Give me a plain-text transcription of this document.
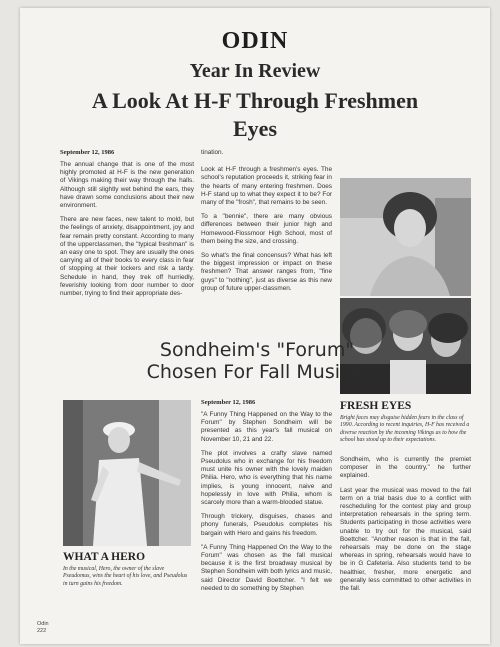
ODIN
Year In Review
A Look At H-F Through Freshmen
Eyes
September 12, 1986

The annual change that is one of the most highly promoted at H-F is the new generation of Vikings making their way through the halls. Although still slightly wet behind the ears, they have drawn some conclusions about their new environment.

There are new faces, new talent to mold, but the feelings of anxiety, disappointment, joy and fear remain pretty constant. According to many of the upperclassmen, the "typical freshman" is an easy one to spot. They are usually the ones carrying all of their books to every class in fear of stopping at their lockers and risk a tardy. Schedule in hand, they trek off hurriedly, feverishly looking from door number to door number, trying to find their appropriate des-

tination.

Look at H-F through a freshmen's eyes. The school's reputation proceeds it, striking fear in the hearts of many entering freshmen. Does H-F stand up to what they expect it to be? For many of the "frosh", that remains to be seen.

To a "bennie", there are many obvious differences between their junior high and Homewood-Flossmoor High School, most of them being the size, and crossing.

So what's the final concensus? What has left the biggest impression or impact on these freshmen? That answer ranges from, "fine guys" to "nothing", just as diverse as this new group of future upper-classmen.

Sondheim's "Forum"
Chosen For Fall Musical
WHAT A HERO
In the musical, Hero, the owner of the slave Pseudomus, wins the heart of his love, and Pseudolus in turn gains his freedom.
September 12, 1986

"A Funny Thing Happened on the Way to the Forum" by Stephen Sondheim will be presented as this year's fall musical on November 10, 21 and 22.

The plot involves a crafty slave named Pseudolus who in exchange for his freedom must unite his owner with the lovely maiden Philia. Hero, who is everything that his name implies, is young innocent, naive and hopelessly in love with Philia, whom is scarcely more than a warm-blooded statue.

Through trickery, disguises, chases and phony funerals, Pseudolus completes his bargain with Hero and gains his freedom.

"A Funny Thing Happened On the Way to the Forum" was chosen as the fall musical because it is the first broadway musical by Stephen Sondheim with both lyrics and music, said Director David Boettcher. "I felt we needed to do something by Stephen

FRESH EYES
Bright faces may disguise hidden fears in the class of 1990. According to recent inquiries, H-F has received a diverse reaction by the incoming Vikings as to how the school has stood up to their expectations.

Sondheim, who is currently the premiet composer in the country," he further explained.

Last year the musical was moved to the fall term on a trial basis due to a conflict with rescheduling for the contest play and group interpretation rehearsals in the spring term. Students participating in those activities were unable to try out for the musical, said Boettcher. "Another reason is that in the fall, rehearsals may be done on the stage whereas in spring, rehearsals would have to be in G Cafeteria. Also students tend to be healthier, fresher, more energetic and generally less committed to other activities in the fall.

Odin
222
